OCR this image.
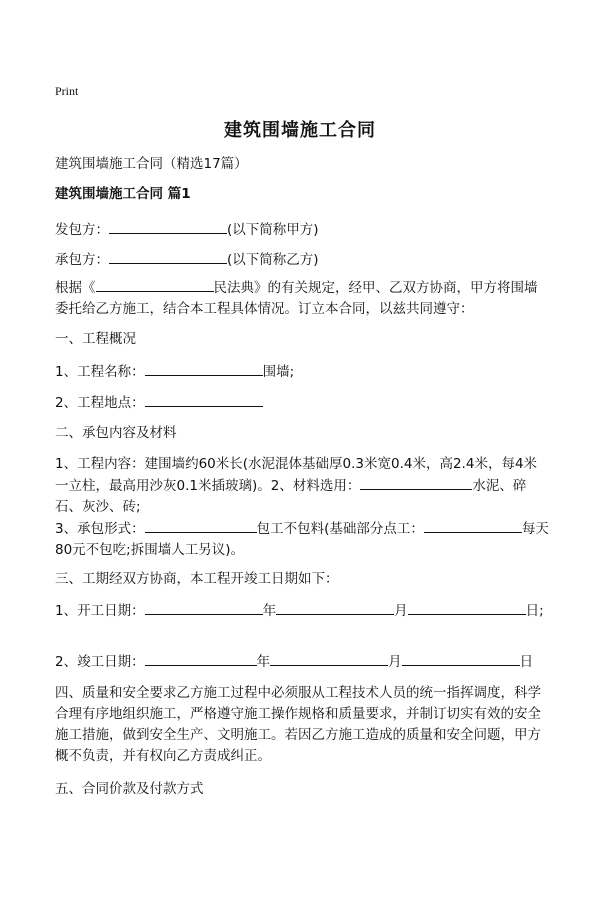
Print
建筑围墙施工合同
建筑围墙施工合同（精选17篇）
建筑围墙施工合同 篇1
发包方：	(以下简称甲方)
承包方：	(以下简称乙方)
根据《	民法典》的有关规定，经甲、乙双方协商，甲方将围墙委托给乙方施工，结合本工程具体情况。订立本合同，以兹共同遵守：
一、工程概况
1、工程名称：	围墙;
2、工程地点：
二、承包内容及材料
1、工程内容：建围墙约60米长(水泥混体基础厚0.3米宽0.4米，高2.4米，每4米一立柱，最高用沙灰0.1米插玻璃)。2、材料选用：	水泥、碎石、灰沙、砖;
3、承包形式：	包工不包料(基础部分点工：	每天80元不包吃;拆围墙人工另议)。
三、工期经双方协商，本工程开竣工日期如下：
1、开工日期：	年	月	日;
2、竣工日期：	年	月	日
四、质量和安全要求乙方施工过程中必须服从工程技术人员的统一指挥调度，科学合理有序地组织施工，严格遵守施工操作规格和质量要求，并制订切实有效的安全施工措施，做到安全生产、文明施工。若因乙方施工造成的质量和安全问题，甲方概不负责，并有权向乙方责成纠正。
五、合同价款及付款方式
